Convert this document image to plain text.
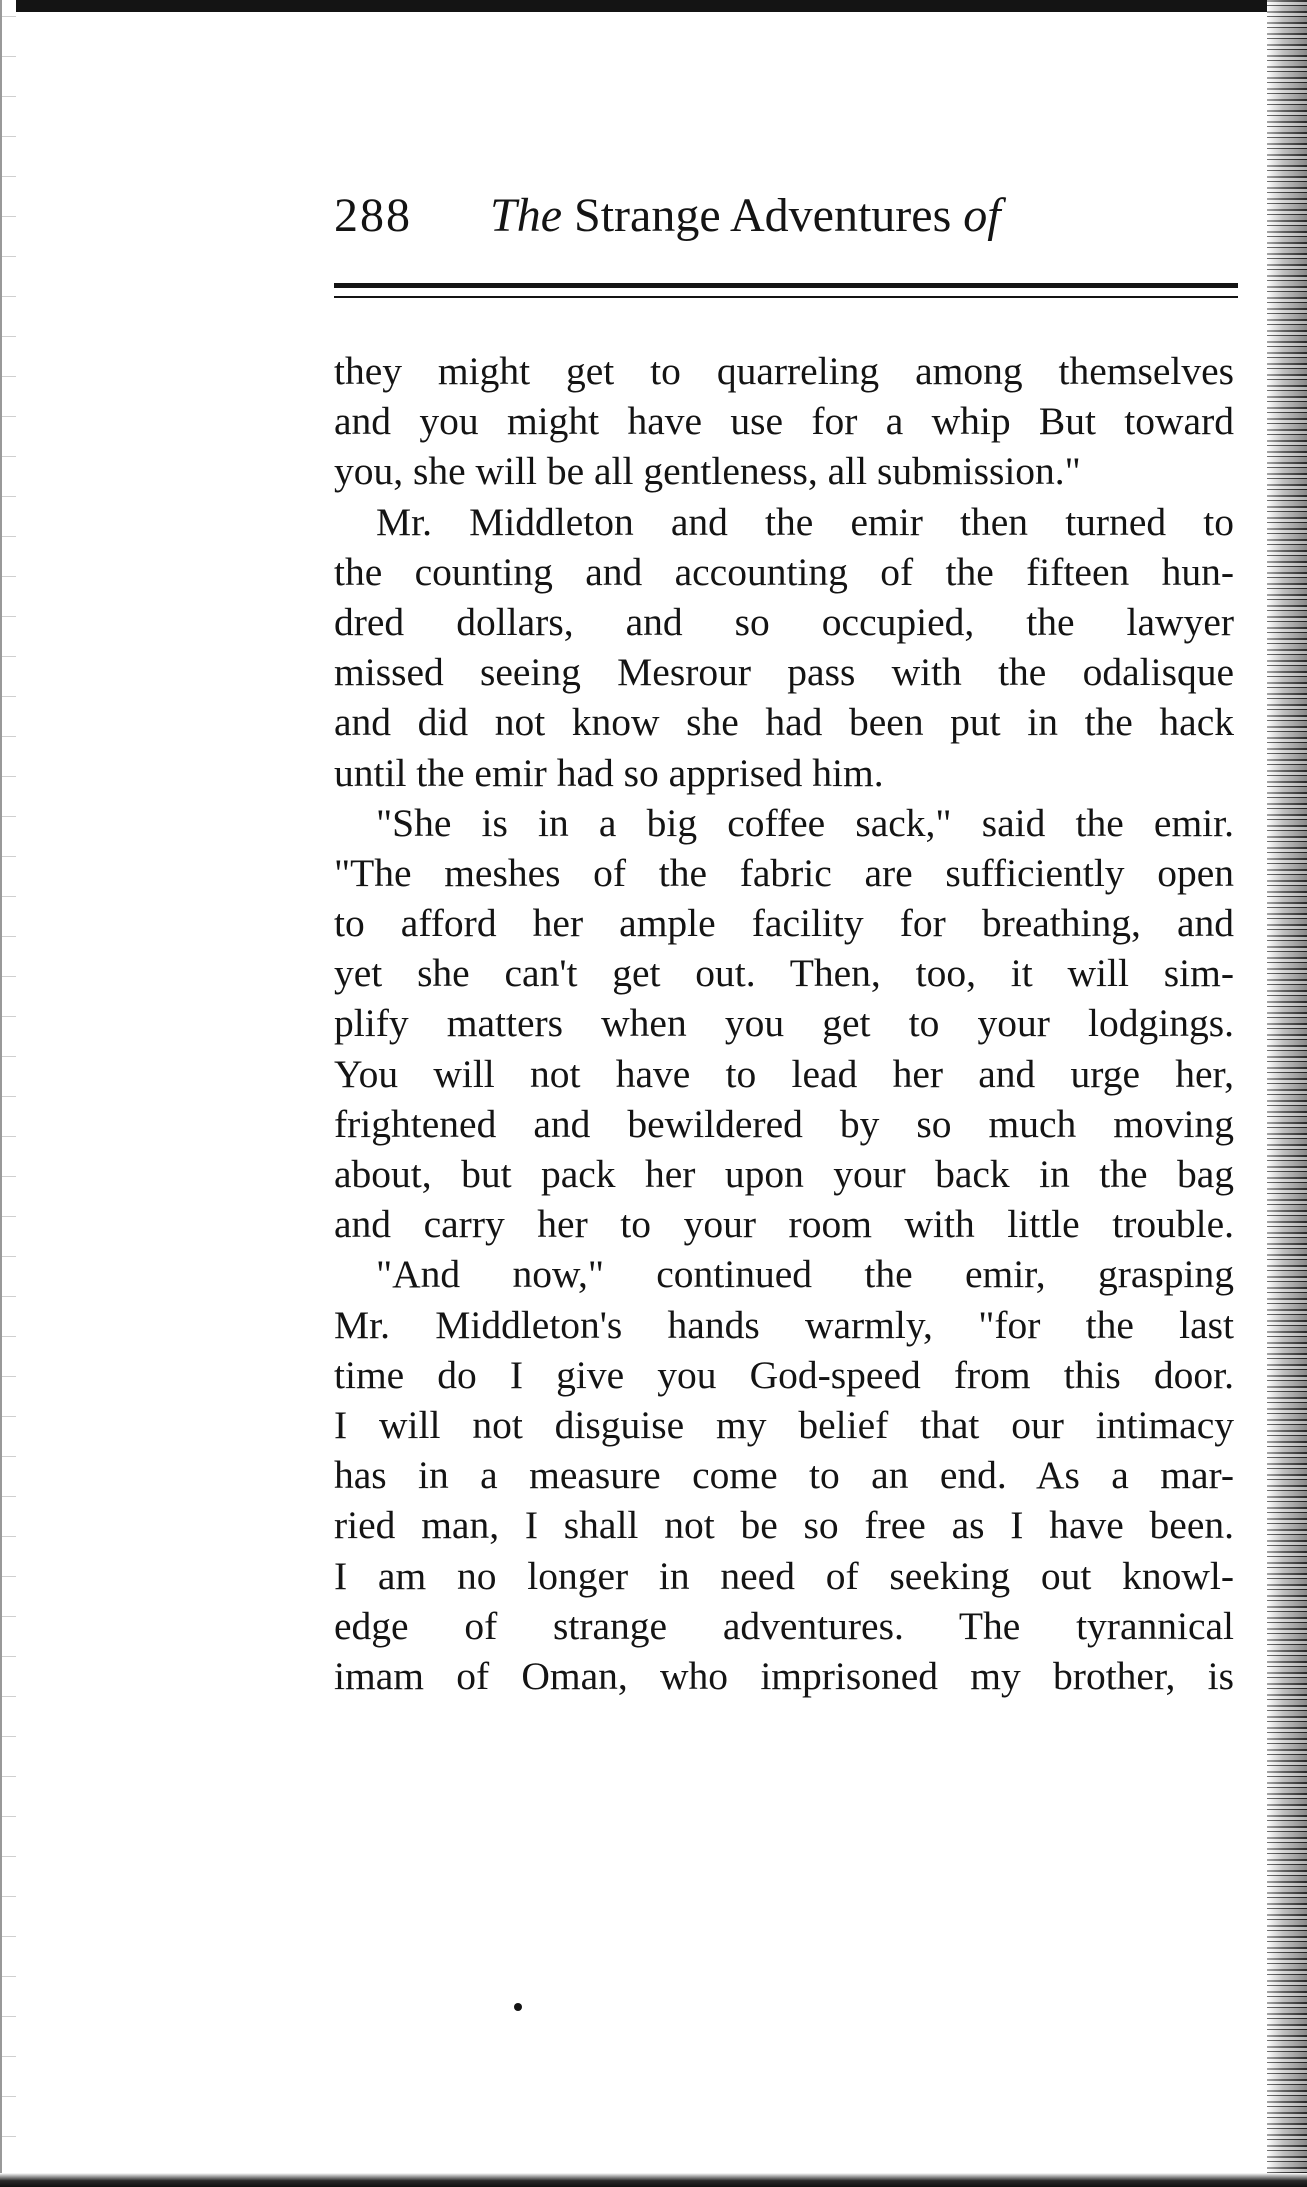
288 The Strange Adventures of
they might get to quarreling among themselves
and you might have use for a whip But toward
you, she will be all gentleness, all submission."
Mr. Middleton and the emir then turned to
the counting and accounting of the fifteen hun-
dred dollars, and so occupied, the lawyer
missed seeing Mesrour pass with the odalisque
and did not know she had been put in the hack
until the emir had so apprised him.
"She is in a big coffee sack," said the emir.
"The meshes of the fabric are sufficiently open
to afford her ample facility for breathing, and
yet she can't get out. Then, too, it will sim-
plify matters when you get to your lodgings.
You will not have to lead her and urge her,
frightened and bewildered by so much moving
about, but pack her upon your back in the bag
and carry her to your room with little trouble.
"And now," continued the emir, grasping
Mr. Middleton's hands warmly, "for the last
time do I give you God-speed from this door.
I will not disguise my belief that our intimacy
has in a measure come to an end. As a mar-
ried man, I shall not be so free as I have been.
I am no longer in need of seeking out knowl-
edge of strange adventures. The tyrannical
imam of Oman, who imprisoned my brother, is
